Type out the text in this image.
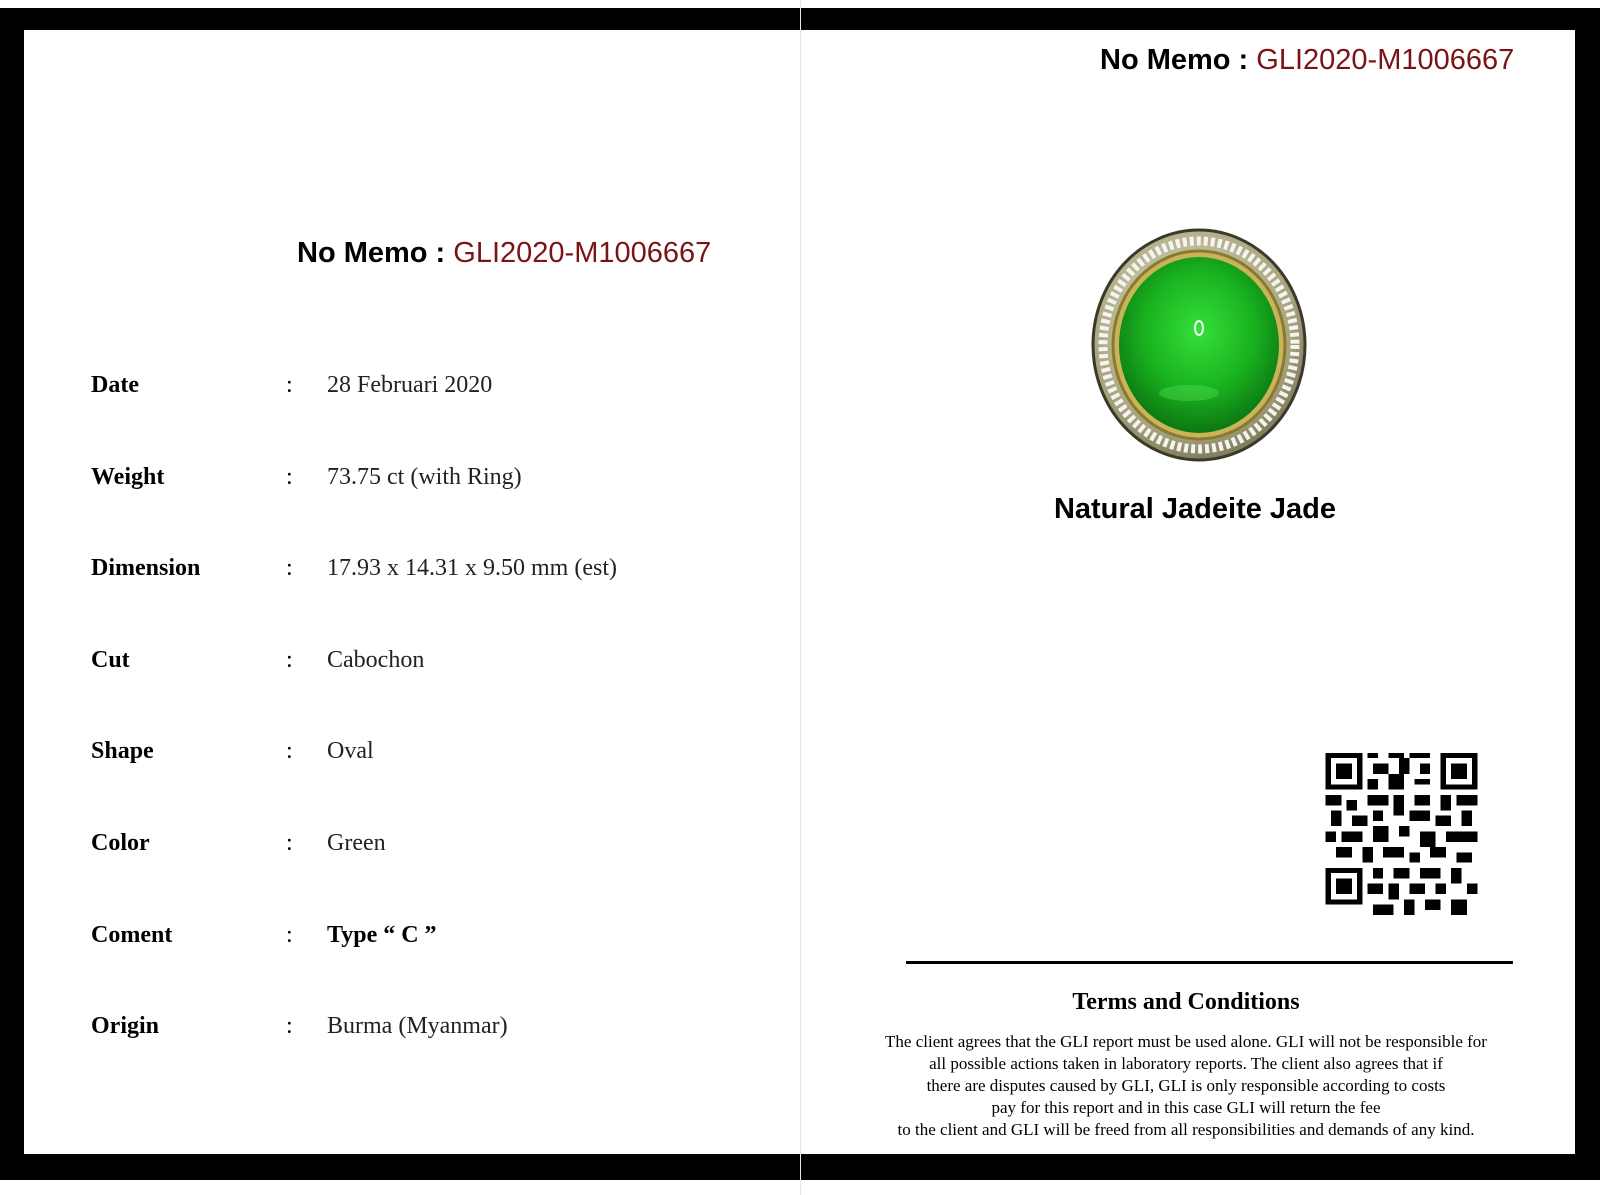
No Memo : GLI2020-M1006667
No Memo : GLI2020-M1006667
Date	: 28 Februari 2020
Weight	: 73.75 ct (with Ring)
Dimension	: 17.93 x 14.31 x 9.50 mm (est)
Cut	: Cabochon
Shape	: Oval
Color	: Green
Coment	: Type “ C ”
Origin	: Burma (Myanmar)
Natural Jadeite Jade
Terms and Conditions
The client agrees that the GLI report must be used alone. GLI will not be responsible for
all possible actions taken in laboratory reports. The client also agrees that if
there are disputes caused by GLI, GLI is only responsible according to costs
pay for this report and in this case GLI will return the fee
to the client and GLI will be freed from all responsibilities and demands of any kind.
